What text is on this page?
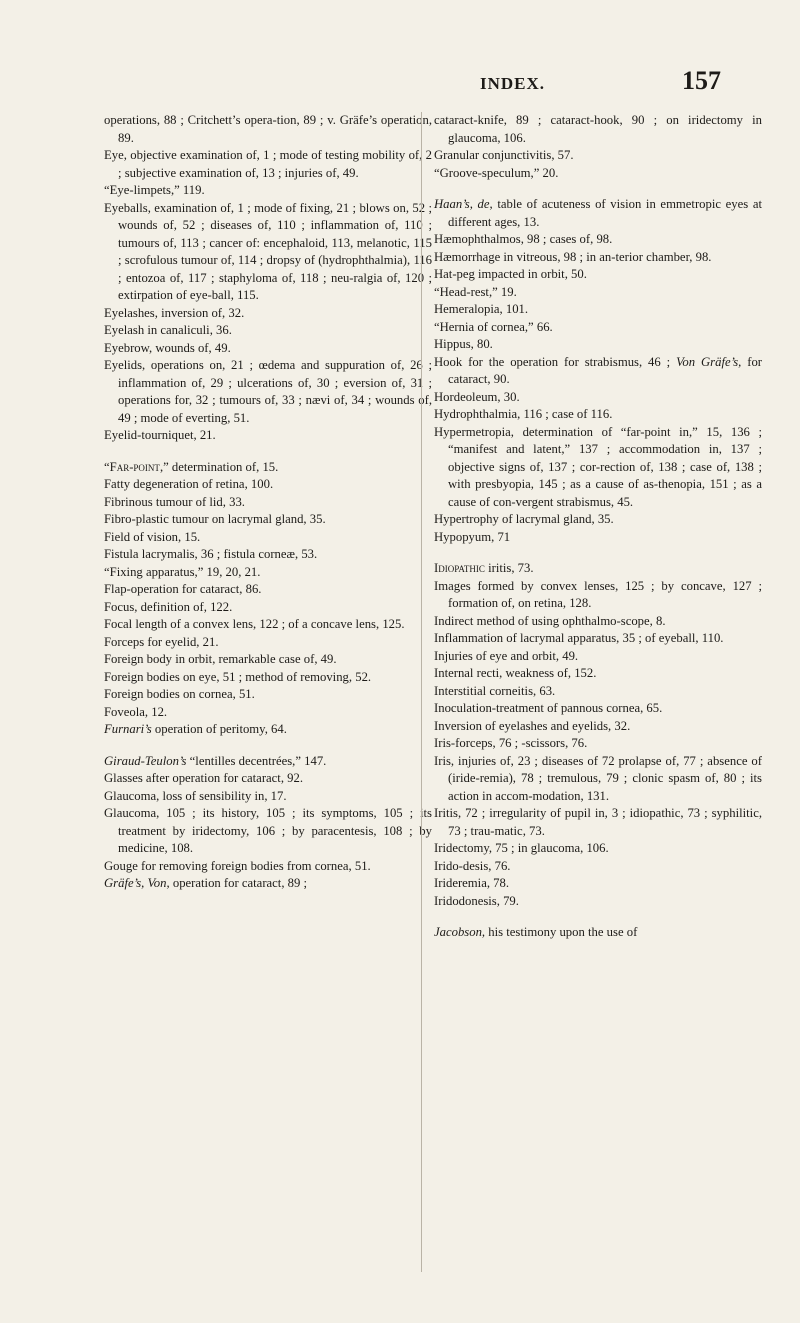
INDEX.	157

operations, 88 ; Critchett’s opera-tion, 89 ; v. Gräfe’s operation, 89.

Eye, objective examination of, 1 ; mode of testing mobility of, 2 ; subjective examination of, 13 ; injuries of, 49.

“Eye-limpets,” 119.

Eyeballs, examination of, 1 ; mode of fixing, 21 ; blows on, 52 ; wounds of, 52 ; diseases of, 110 ; inflammation of, 110 ; tumours of, 113 ; cancer of: encephaloid, 113, melanotic, 115 ; scrofulous tumour of, 114 ; dropsy of (hydrophthalmia), 116 ; entozoa of, 117 ; staphyloma of, 118 ; neu-ralgia of, 120 ; extirpation of eye-ball, 115.

Eyelashes, inversion of, 32.

Eyelash in canaliculi, 36.

Eyebrow, wounds of, 49.

Eyelids, operations on, 21 ; œdema and suppuration of, 26 ; inflammation of, 29 ; ulcerations of, 30 ; eversion of, 31 ; operations for, 32 ; tumours of, 33 ; nævi of, 34 ; wounds of, 49 ; mode of everting, 51.

Eyelid-tourniquet, 21.

“Far-point,” determination of, 15.

Fatty degeneration of retina, 100.

Fibrinous tumour of lid, 33.

Fibro-plastic tumour on lacrymal gland, 35.

Field of vision, 15.

Fistula lacrymalis, 36 ; fistula corneæ, 53.

“Fixing apparatus,” 19, 20, 21.

Flap-operation for cataract, 86.

Focus, definition of, 122.

Focal length of a convex lens, 122 ; of a concave lens, 125.

Forceps for eyelid, 21.

Foreign body in orbit, remarkable case of, 49.

Foreign bodies on eye, 51 ; method of removing, 52.

Foreign bodies on cornea, 51.

Foveola, 12.

Furnari’s operation of peritomy, 64.

Giraud-Teulon’s “lentilles decentrées,” 147.

Glasses after operation for cataract, 92.

Glaucoma, loss of sensibility in, 17.

Glaucoma, 105 ; its history, 105 ; its symptoms, 105 ; its treatment by iridectomy, 106 ; by paracentesis, 108 ; by medicine, 108.

Gouge for removing foreign bodies from cornea, 51.

Gräfe’s, Von, operation for cataract, 89 ;

cataract-knife, 89 ; cataract-hook, 90 ; on iridectomy in glaucoma, 106.

Granular conjunctivitis, 57.

“Groove-speculum,” 20.

Haan’s, de, table of acuteness of vision in emmetropic eyes at different ages, 13.

Hæmophthalmos, 98 ; cases of, 98.

Hæmorrhage in vitreous, 98 ; in an-terior chamber, 98.

Hat-peg impacted in orbit, 50.

“Head-rest,” 19.

Hemeralopia, 101.

“Hernia of cornea,” 66.

Hippus, 80.

Hook for the operation for strabismus, 46 ; Von Gräfe’s, for cataract, 90.

Hordeoleum, 30.

Hydrophthalmia, 116 ; case of 116.

Hypermetropia, determination of “far-point in,” 15, 136 ; “manifest and latent,” 137 ; accommodation in, 137 ; objective signs of, 137 ; cor-rection of, 138 ; case of, 138 ; with presbyopia, 145 ; as a cause of as-thenopia, 151 ; as a cause of con-vergent strabismus, 45.

Hypertrophy of lacrymal gland, 35.

Hypopyum, 71

Idiopathic iritis, 73.

Images formed by convex lenses, 125 ; by concave, 127 ; formation of, on retina, 128.

Indirect method of using ophthalmo-scope, 8.

Inflammation of lacrymal apparatus, 35 ; of eyeball, 110.

Injuries of eye and orbit, 49.

Internal recti, weakness of, 152.

Interstitial corneitis, 63.

Inoculation-treatment of pannous cornea, 65.

Inversion of eyelashes and eyelids, 32.

Iris-forceps, 76 ; -scissors, 76.

Iris, injuries of, 23 ; diseases of 72 prolapse of, 77 ; absence of (iride-remia), 78 ; tremulous, 79 ; clonic spasm of, 80 ; its action in accom-modation, 131.

Iritis, 72 ; irregularity of pupil in, 3 ; idiopathic, 73 ; syphilitic, 73 ; trau-matic, 73.

Iridectomy, 75 ; in glaucoma, 106.

Irido-desis, 76.

Irideremia, 78.

Iridodonesis, 79.

Jacobson, his testimony upon the use of
